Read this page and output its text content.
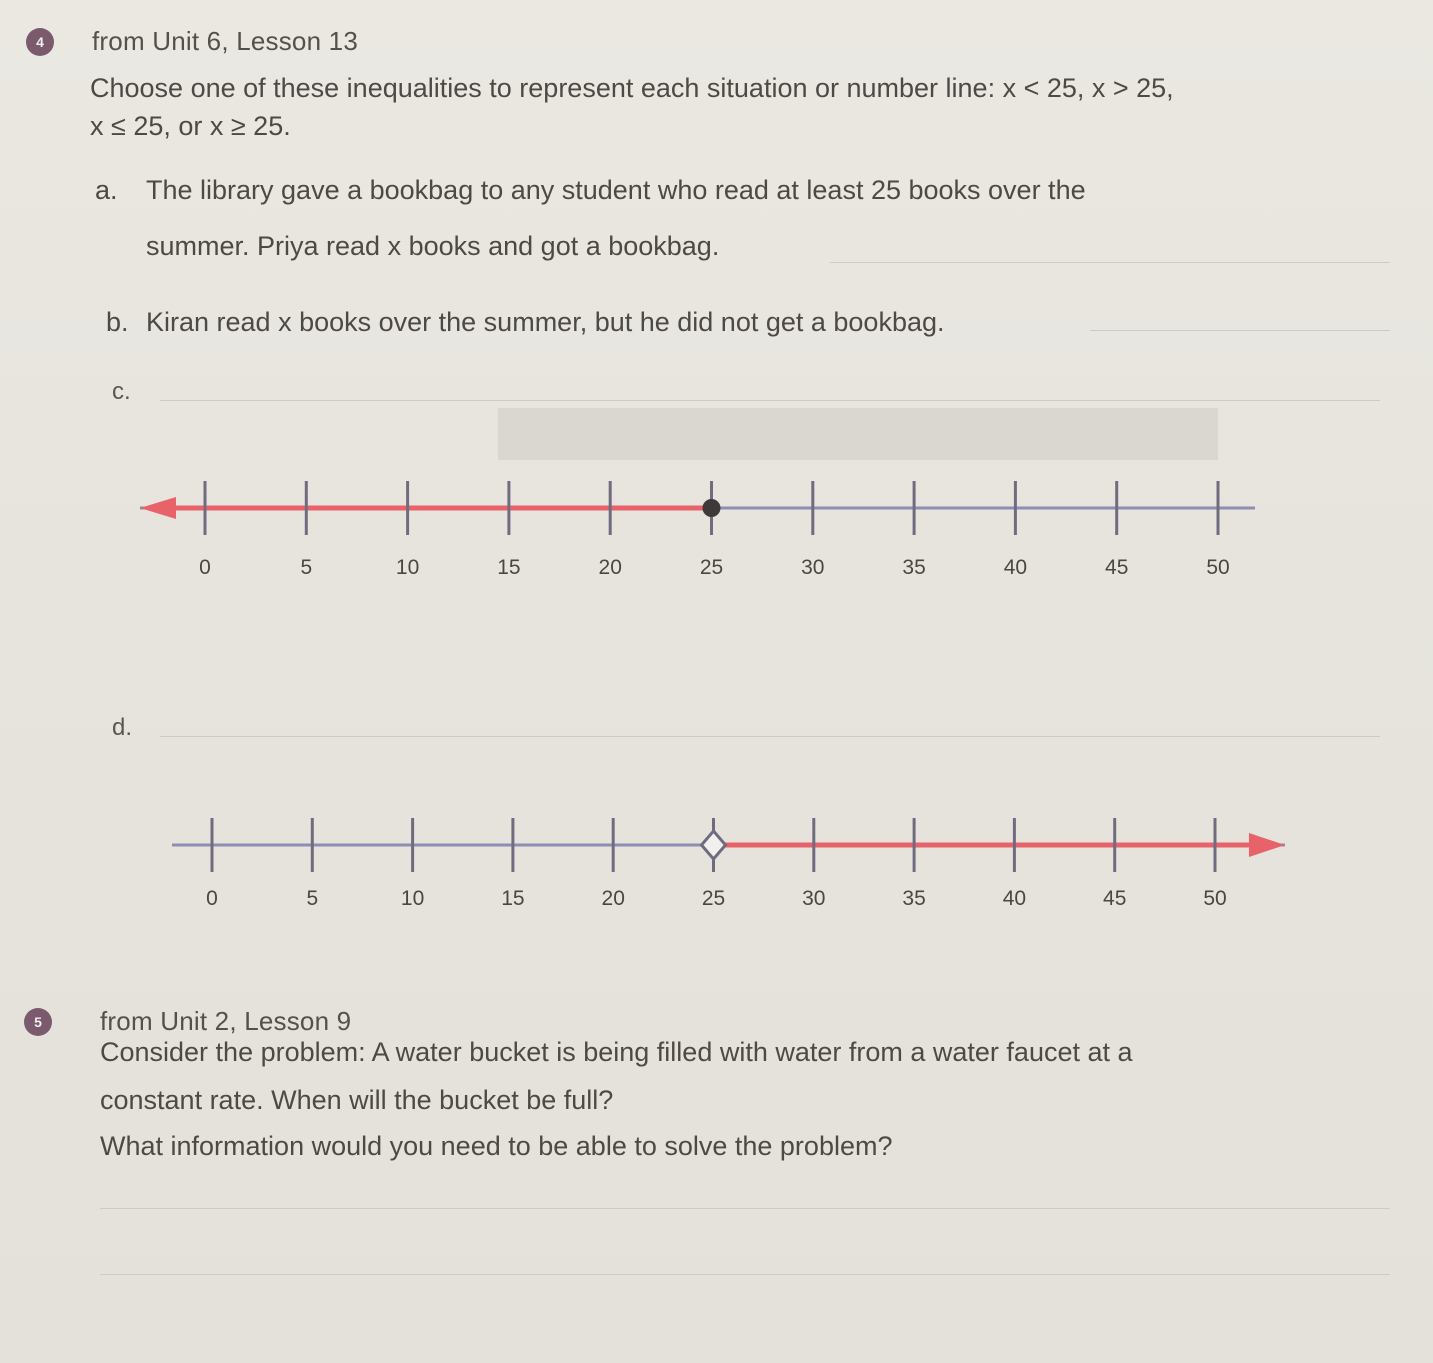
4	from Unit 6, Lesson 13
Choose one of these inequalities to represent each situation or number line: x < 25, x > 25,
x ≤ 25, or x ≥ 25.
a. The library gave a bookbag to any student who read at least 25 books over the
summer. Priya read x books and got a bookbag.
b. Kiran read x books over the summer, but he did not get a bookbag.
c.
d.
0	5	10	15	20	25	30	35	40	45	50
0	5	10	15	20	25	30	35	40	45	50
5	from Unit 2, Lesson 9
Consider the problem: A water bucket is being filled with water from a water faucet at a
constant rate. When will the bucket be full?
What information would you need to be able to solve the problem?
